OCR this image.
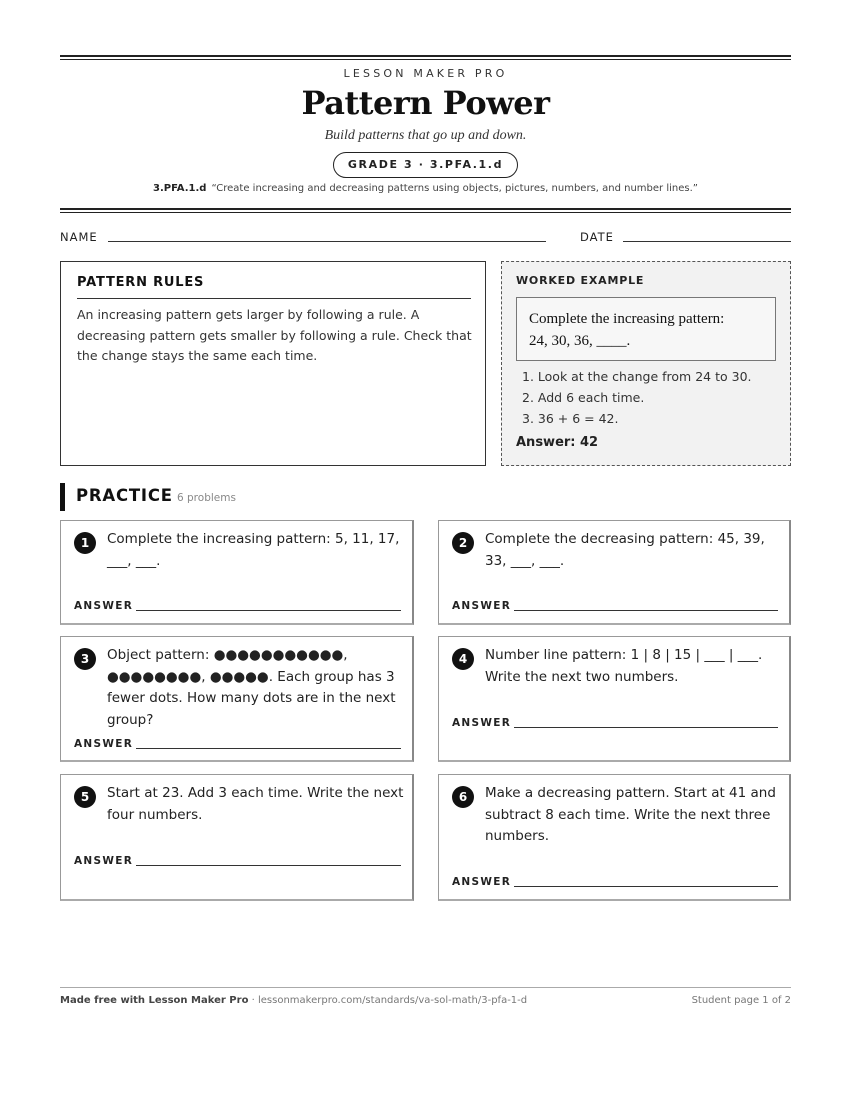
LESSON MAKER PRO
Pattern Power
Build patterns that go up and down.
GRADE 3 · 3.PFA.1.d
3.PFA.1.d “Create increasing and decreasing patterns using objects, pictures, numbers, and number lines.”
NAME	DATE
PATTERN RULES
An increasing pattern gets larger by following a rule. A decreasing pattern gets smaller by following a rule. Check that the change stays the same each time.
WORKED EXAMPLE
Complete the increasing pattern:
24, 30, 36, ____.
1. Look at the change from 24 to 30.
2. Add 6 each time.
3. 36 + 6 = 42.
Answer: 42
PRACTICE 6 problems
1	Complete the increasing pattern: 5, 11, 17, ___, ___.
ANSWER
2	Complete the decreasing pattern: 45, 39, 33, ___, ___.
ANSWER
3	Object pattern: ●●●●●●●●●●●, ●●●●●●●●, ●●●●●. Each group has 3 fewer dots. How many dots are in the next group?
ANSWER
4	Number line pattern: 1 | 8 | 15 | ___ | ___. Write the next two numbers.
ANSWER
5	Start at 23. Add 3 each time. Write the next four numbers.
ANSWER
6	Make a decreasing pattern. Start at 41 and subtract 8 each time. Write the next three numbers.
ANSWER
Made free with Lesson Maker Pro · lessonmakerpro.com/standards/va-sol-math/3-pfa-1-d	Student page 1 of 2
